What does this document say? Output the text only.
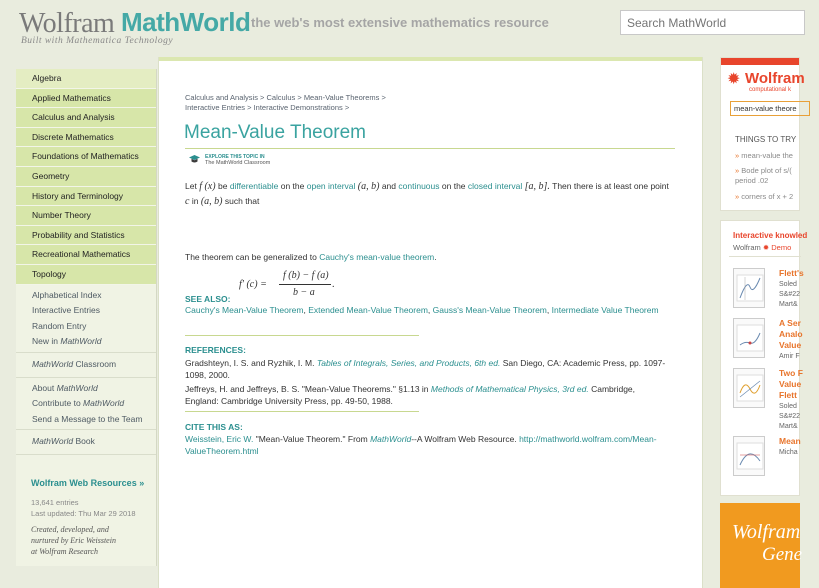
Wolfram MathWorld
Built with Mathematica Technology
the web's most extensive mathematics resource
Search MathWorld
Algebra
Applied Mathematics
Calculus and Analysis
Discrete Mathematics
Foundations of Mathematics
Geometry
History and Terminology
Number Theory
Probability and Statistics
Recreational Mathematics
Topology
Alphabetical Index
Interactive Entries
Random Entry
New in MathWorld
MathWorld Classroom
About MathWorld
Contribute to MathWorld
Send a Message to the Team
MathWorld Book
Wolfram Web Resources »
13,641 entries
Last updated: Thu Mar 29 2018
Created, developed, and
nurtured by Eric Weisstein
at Wolfram Research
Calculus and Analysis > Calculus > Mean-Value Theorems >
Interactive Entries > Interactive Demonstrations >
Mean-Value Theorem
EXPLORE THIS TOPIC IN
The MathWorld Classroom
Let f (x) be differentiable on the open interval (a, b) and continuous on the closed interval [a, b]. Then there is at least one point c in (a, b) such that
f′ (c) =
f (b) − f (a)
b − a
.
The theorem can be generalized to Cauchy's mean-value theorem.
SEE ALSO:
Cauchy's Mean-Value Theorem, Extended Mean-Value Theorem, Gauss's Mean-Value Theorem, Intermediate Value Theorem
REFERENCES:
Gradshteyn, I. S. and Ryzhik, I. M. Tables of Integrals, Series, and Products, 6th ed. San Diego, CA: Academic Press, pp. 1097- 1098, 2000.
Jeffreys, H. and Jeffreys, B. S. "Mean-Value Theorems." §1.13 in Methods of Mathematical Physics, 3rd ed. Cambridge, England: Cambridge University Press, pp. 49-50, 1988.
CITE THIS AS:
Weisstein, Eric W. "Mean-Value Theorem." From MathWorld--A Wolfram Web Resource. http://mathworld.wolfram.com/Mean-ValueTheorem.html
✹ Wolfram
computational k
mean-value theore
THINGS TO TRY
» mean-value the
» Bode plot of s/(
period .02
» corners of x + 2
Interactive knowled
Wolfram ✹ Demo
Flett's
Soled
S&#22
Mart&
A Ser
Analo
Value
Amir F
Two F
Value
Flett
Soled
S&#22
Mart&
Mean
Micha
Wolfram
Gene
